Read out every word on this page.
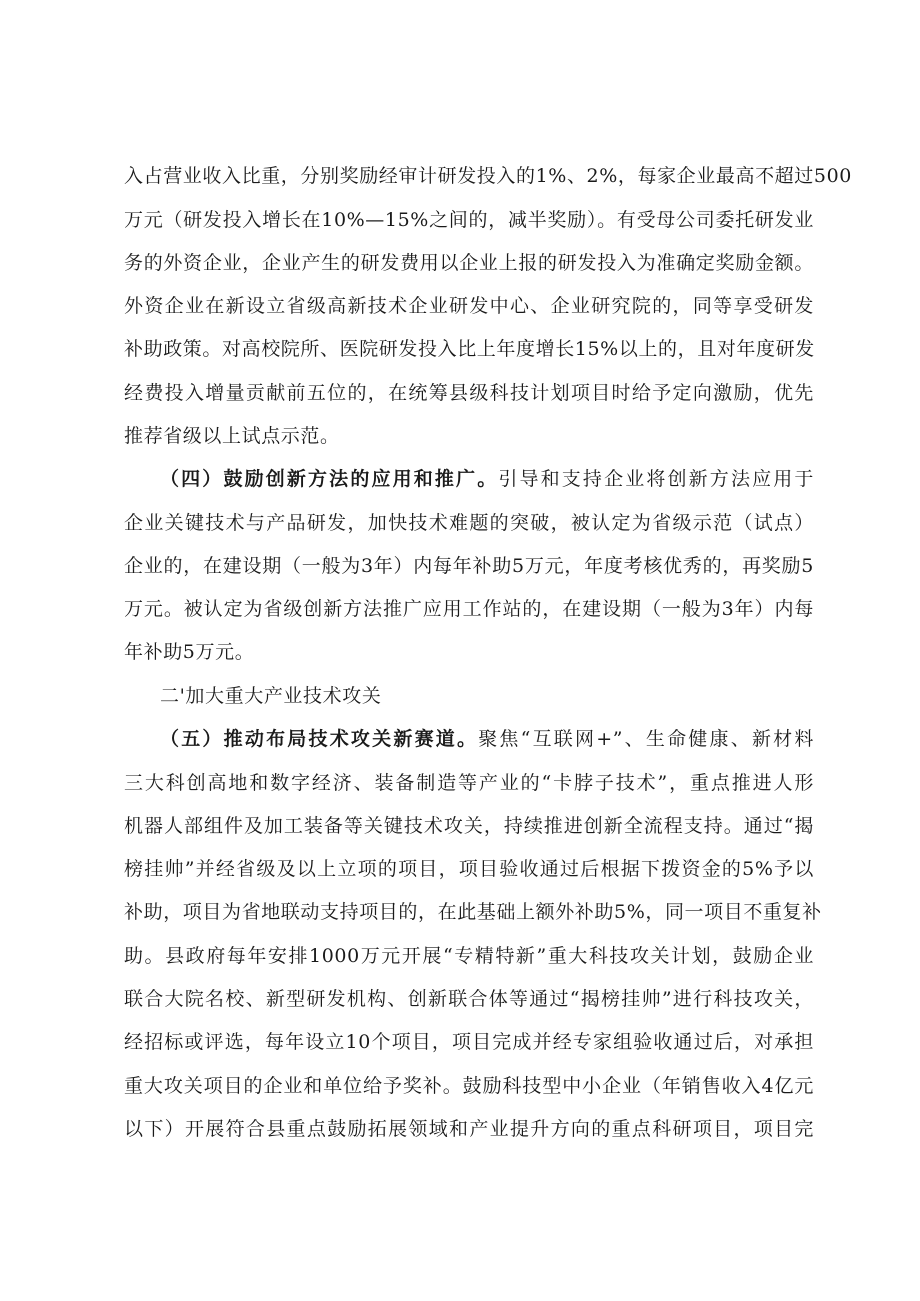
入占营业收入比重，分别奖励经审计研发投入的1%、2%，每家企业最高不超过500
万元（研发投入增长在10%—15%之间的，减半奖励）。有受母公司委托研发业
务的外资企业，企业产生的研发费用以企业上报的研发投入为准确定奖励金额。
外资企业在新设立省级高新技术企业研发中心、企业研究院的，同等享受研发
补助政策。对高校院所、医院研发投入比上年度增长15%以上的，且对年度研发
经费投入增量贡献前五位的，在统筹县级科技计划项目时给予定向激励，优先
推荐省级以上试点示范。
（四）鼓励创新方法的应用和推广。引导和支持企业将创新方法应用于
企业关键技术与产品研发，加快技术难题的突破，被认定为省级示范（试点）
企业的，在建设期（一般为3年）内每年补助5万元，年度考核优秀的，再奖励5
万元。被认定为省级创新方法推广应用工作站的，在建设期（一般为3年）内每
年补助5万元。
二'加大重大产业技术攻关
（五）推动布局技术攻关新赛道。聚焦“互联网+”、生命健康、新材料
三大科创高地和数字经济、装备制造等产业的“卡脖子技术”，重点推进人形
机器人部组件及加工装备等关键技术攻关，持续推进创新全流程支持。通过“揭
榜挂帅”并经省级及以上立项的项目，项目验收通过后根据下拨资金的5%予以
补助，项目为省地联动支持项目的，在此基础上额外补助5%，同一项目不重复补
助。县政府每年安排1000万元开展“专精特新”重大科技攻关计划，鼓励企业
联合大院名校、新型研发机构、创新联合体等通过“揭榜挂帅”进行科技攻关，
经招标或评选，每年设立10个项目，项目完成并经专家组验收通过后，对承担
重大攻关项目的企业和单位给予奖补。鼓励科技型中小企业（年销售收入4亿元
以下）开展符合县重点鼓励拓展领域和产业提升方向的重点科研项目，项目完
